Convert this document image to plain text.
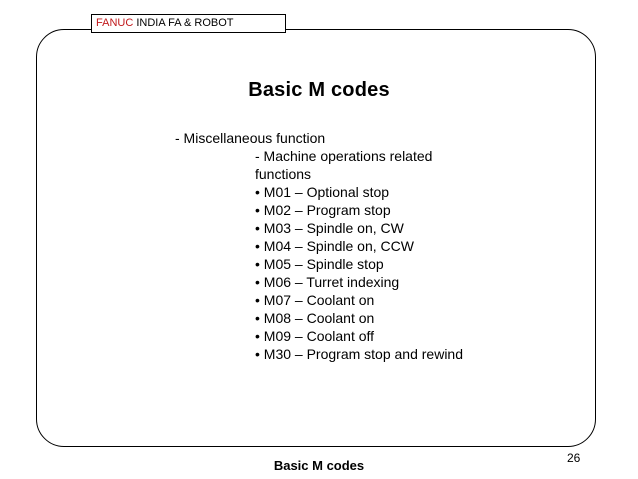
FANUC INDIA FA & ROBOT
Basic M codes
- Miscellaneous function
- Machine operations related
functions
• M01 – Optional stop
• M02 – Program stop
• M03 – Spindle on, CW
• M04 – Spindle on, CCW
• M05 – Spindle stop
• M06 – Turret indexing
• M07 – Coolant on
• M08 – Coolant on
• M09 – Coolant off
• M30 – Program stop and rewind
Basic M codes	26
